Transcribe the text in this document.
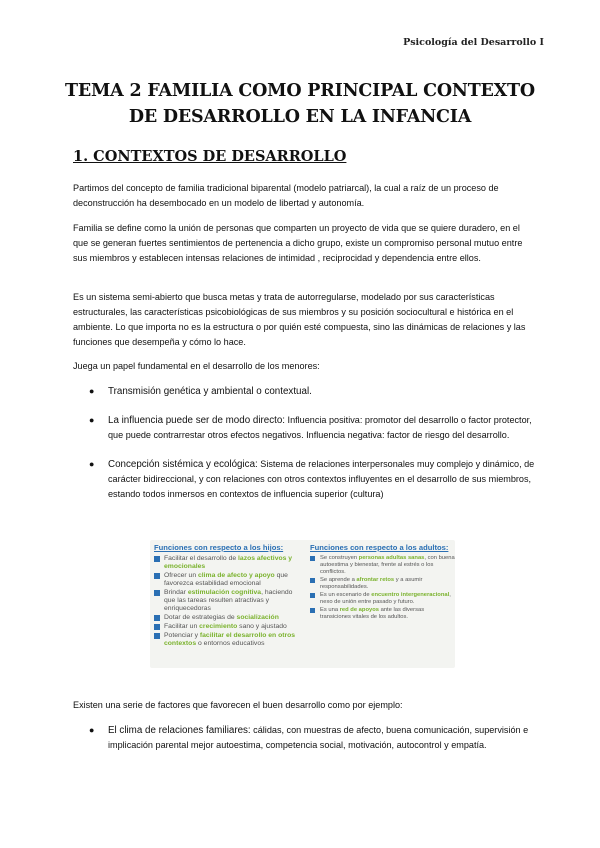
Psicología del Desarrollo I
TEMA 2 FAMILIA COMO PRINCIPAL CONTEXTO
DE DESARROLLO EN LA INFANCIA
1. CONTEXTOS DE DESARROLLO
Partimos del concepto de familia tradicional biparental (modelo patriarcal), la cual a raíz de un proceso de deconstrucción ha desembocado en un modelo de libertad y autonomía.
Familia se define como la unión de personas que comparten un proyecto de vida que se quiere duradero, en el que se generan fuertes sentimientos de pertenencia a dicho grupo, existe un compromiso personal mutuo entre sus miembros y establecen intensas relaciones de intimidad , reciprocidad y dependencia entre ellos.
Es un sistema semi-abierto que busca metas y trata de autorregularse, modelado por sus características estructurales, las características psicobiológicas de sus miembros y su posición sociocultural e histórica en el ambiente. Lo que importa no es la estructura o por quién esté compuesta, sino las dinámicas de relaciones y las funciones que desempeña y cómo lo hace.
Juega un papel fundamental en el desarrollo de los menores:
● Transmisión genética y ambiental o contextual.
● La influencia puede ser de modo directo: Influencia positiva: promotor del desarrollo o factor protector, que puede contrarrestar otros efectos negativos. Influencia negativa: factor de riesgo del desarrollo.
● Concepción sistémica y ecológica: Sistema de relaciones interpersonales muy complejo y dinámico, de carácter bidireccional, y con relaciones con otros contextos influyentes en el desarrollo de sus miembros, estando todos inmersos en contextos de influencia superior (cultura)
Funciones con respecto a los hijos:
Facilitar el desarrollo de lazos afectivos y emocionales
Ofrecer un clima de afecto y apoyo que favorezca estabilidad emocional
Brindar estimulación cognitiva, haciendo que las tareas resulten atractivas y enriquecedoras
Dotar de estrategias de socialización
Facilitar un crecimiento sano y ajustado
Potenciar y facilitar el desarrollo en otros contextos o entornos educativos
Funciones con respecto a los adultos:
Se construyen personas adultas sanas, con buena autoestima y bienestar, frente al estrés o los conflictos.
Se aprende a afrontar retos y a asumir responsabilidades.
Es un escenario de encuentro intergeneracional, nexo de unión entre pasado y futuro.
Es una red de apoyos ante las diversas transiciones vitales de los adultos.
Existen una serie de factores que favorecen el buen desarrollo como por ejemplo:
● El clima de relaciones familiares: cálidas, con muestras de afecto, buena comunicación, supervisión e implicación parental mejor autoestima, competencia social, motivación, autocontrol y empatía.
